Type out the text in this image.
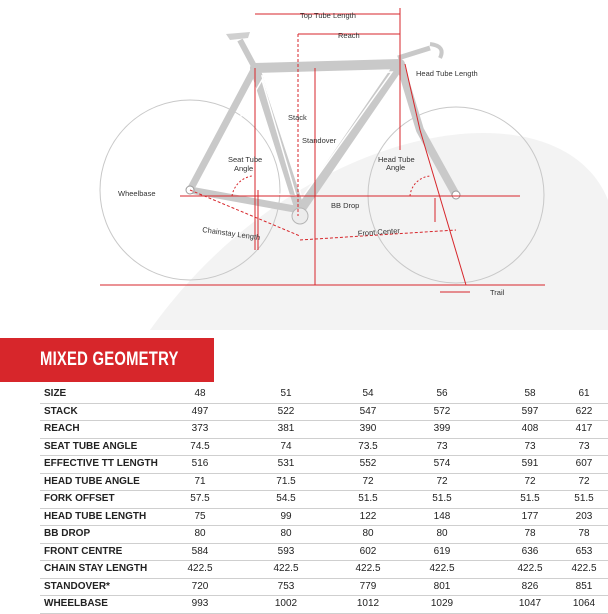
Top Tube Length
Reach
Head Tube Length
Stack
Standover
Seat Tube
Angle
Head Tube
Angle
Wheelbase
BB Drop
Chainstay Length	Front Center
Trail
MIXED GEOMETRY
SIZE	48	51	54	56	58	61
STACK	497	522	547	572	597	622
REACH	373	381	390	399	408	417
SEAT TUBE ANGLE	74.5	74	73.5	73	73	73
EFFECTIVE TT LENGTH	516	531	552	574	591	607
HEAD TUBE ANGLE	71	71.5	72	72	72	72
FORK OFFSET	57.5	54.5	51.5	51.5	51.5	51.5
HEAD TUBE LENGTH	75	99	122	148	177	203
BB DROP	80	80	80	80	78	78
FRONT CENTRE	584	593	602	619	636	653
CHAIN STAY LENGTH	422.5	422.5	422.5	422.5	422.5	422.5
STANDOVER*	720	753	779	801	826	851
WHEELBASE	993	1002	1012	1029	1047	1064
